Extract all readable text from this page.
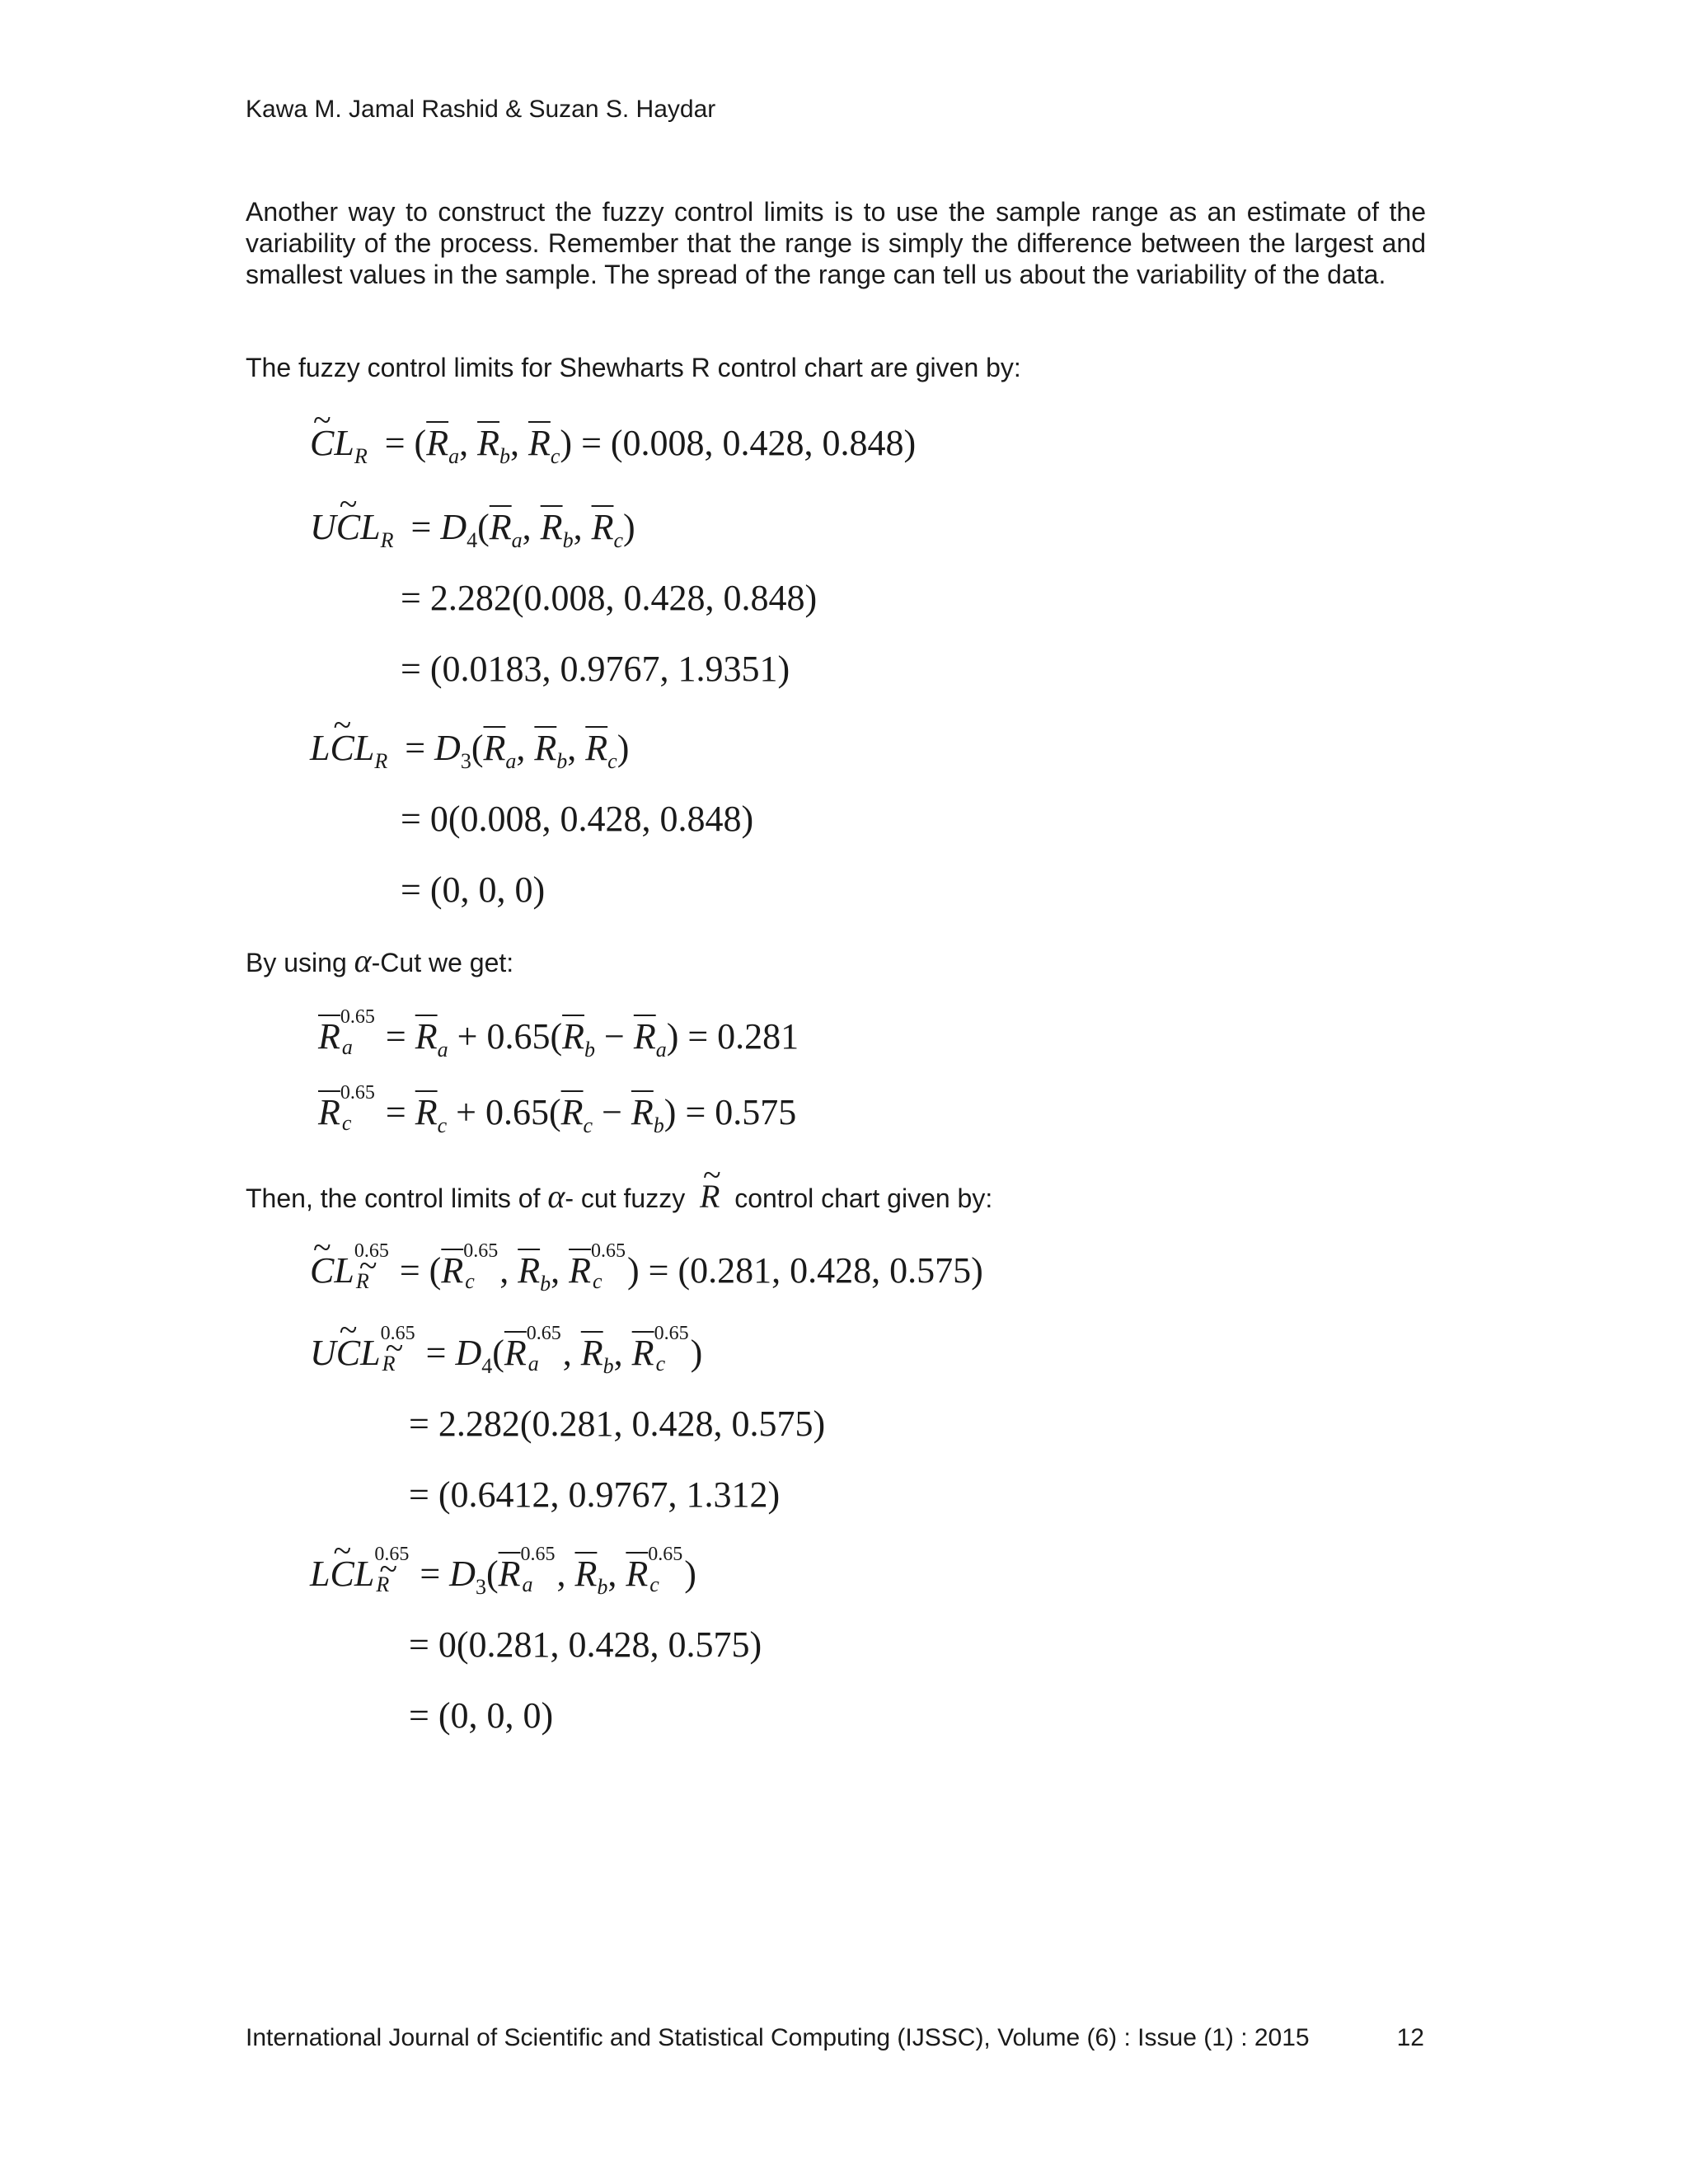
Kawa M. Jamal Rashid & Suzan S. Haydar

Another way to construct the fuzzy control limits is to use the sample range as an estimate of the variability of the process. Remember that the range is simply the difference between the largest and smallest values in the sample. The spread of the range can tell us about the variability of the data.

The fuzzy control limits for Shewharts R control chart are given by:
~ $CL_R = (\overline{R}_a$, $\overline{R}_b$, $\overline{R}_c) = (0.008$, 0.428, 0.848)
U~ $CL_R = D_4(\overline{R}_a$, $\overline{R}_b$, $\overline{R}_c$)
= 2.282(0.008, 0.428, 0.848)
= (0.0183, 0.9767, 1.9351)
L~ $CL_R = D_3(\overline{R}_a$, $\overline{R}_b$, $\overline{R}_c$)
= 0(0.008, 0.428, 0.848)
= (0, 0, 0)
By using α-Cut we get:
$\overline{R}$ 0.65
$a = \overline{R}_a + 0.65(\overline{R}_b - \overline{R}_a) = 0.281$
$\overline{R}$ 0.65
$c = \overline{R}_c + 0.65(\overline{R}_c - \overline{R}_b) = 0.575$
Then, the control limits of α- cut fuzzy ~ R control chart given by:
~ CL 0.65
~ $R = (\overline{R}$ 0.65
c , $\overline{R}_b$, $\overline{R}$ 0.65
c ) = (0.281, 0.428, 0.575)
U~ CL 0.65
~ $R = D_4(\overline{R}$ 0.65
a , $\overline{R}_b$, $\overline{R}$ 0.65
c )
= 2.282(0.281, 0.428, 0.575)
= (0.6412, 0.9767, 1.312)
L~ CL 0.65
~ $R = D_3(\overline{R}$ 0.65
a , $\overline{R}_b$, $\overline{R}$ 0.65
c )
= 0(0.281, 0.428, 0.575)
= (0, 0, 0)
International Journal of Scientific and Statistical Computing (IJSSC), Volume (6) : Issue (1) : 2015	12
